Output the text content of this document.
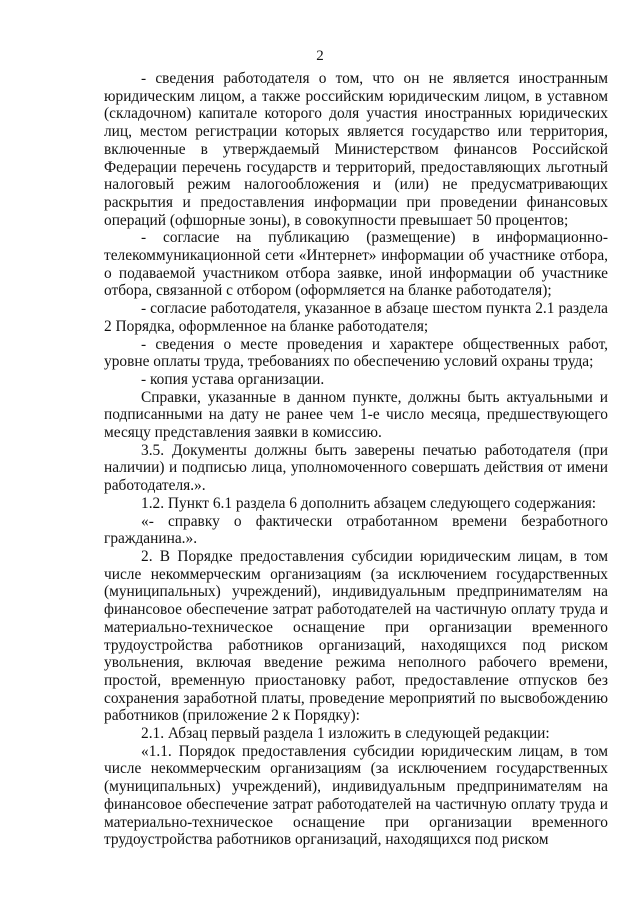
2

- сведения работодателя о том, что он не является иностранным юридическим лицом, а также российским юридическим лицом, в уставном (складочном) капитале которого доля участия иностранных юридических лиц, местом регистрации которых является государство или территория, включенные в утверждаемый Министерством финансов Российской Федерации перечень государств и территорий, предоставляющих льготный налоговый режим налогообложения и (или) не предусматривающих раскрытия и предоставления информации при проведении финансовых операций (офшорные зоны), в совокупности превышает 50 процентов;

- согласие на публикацию (размещение) в информационно-телекоммуникационной сети «Интернет» информации об участнике отбора, о подаваемой участником отбора заявке, иной информации об участнике отбора, связанной с отбором (оформляется на бланке работодателя);

- согласие работодателя, указанное в абзаце шестом пункта 2.1 раздела 2 Порядка, оформленное на бланке работодателя;

- сведения о месте проведения и характере общественных работ, уровне оплаты труда, требованиях по обеспечению условий охраны труда;

- копия устава организации.

Справки, указанные в данном пункте, должны быть актуальными и подписанными на дату не ранее чем 1-е число месяца, предшествующего месяцу представления заявки в комиссию.

3.5. Документы должны быть заверены печатью работодателя (при наличии) и подписью лица, уполномоченного совершать действия от имени работодателя.».

1.2. Пункт 6.1 раздела 6 дополнить абзацем следующего содержания:

«- справку о фактически отработанном времени безработного гражданина.».

2. В Порядке предоставления субсидии юридическим лицам, в том числе некоммерческим организациям (за исключением государственных (муниципальных) учреждений), индивидуальным предпринимателям на финансовое обеспечение затрат работодателей на частичную оплату труда и материально-техническое оснащение при организации временного трудоустройства работников организаций, находящихся под риском увольнения, включая введение режима неполного рабочего времени, простой, временную приостановку работ, предоставление отпусков без сохранения заработной платы, проведение мероприятий по высвобождению работников (приложение 2 к Порядку):

2.1. Абзац первый раздела 1 изложить в следующей редакции:

«1.1. Порядок предоставления субсидии юридическим лицам, в том числе некоммерческим организациям (за исключением государственных (муниципальных) учреждений), индивидуальным предпринимателям на финансовое обеспечение затрат работодателей на частичную оплату труда и материально-техническое оснащение при организации временного трудоустройства работников организаций, находящихся под риском
